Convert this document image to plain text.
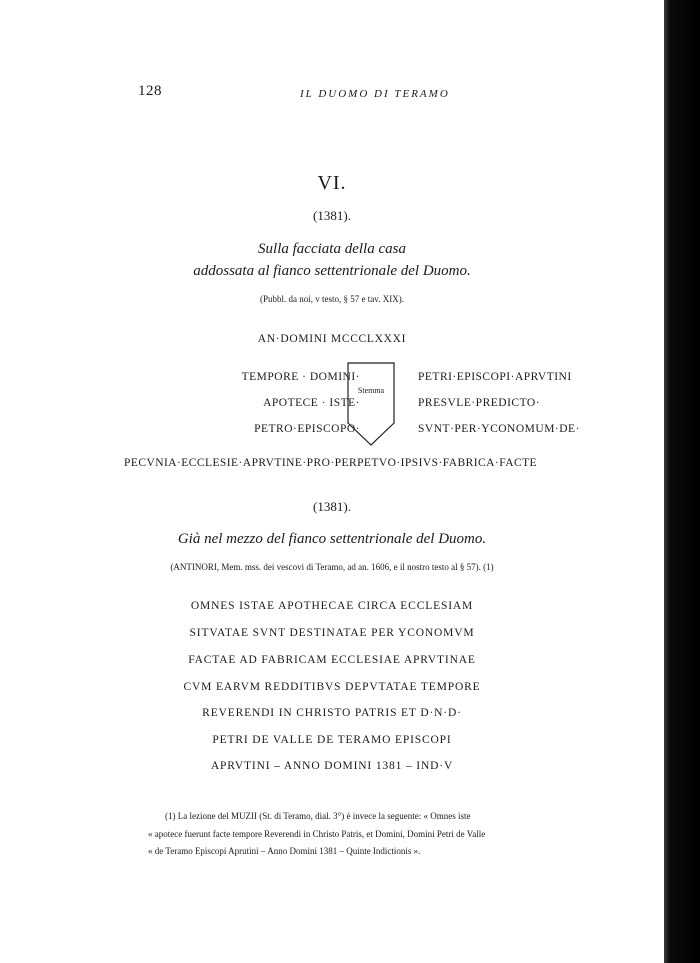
128	IL DUOMO DI TERAMO
VI.
(1381).
Sulla facciata della casa
addossata al fianco settentrionale del Duomo.
(Pubbl. da noi, v testo, § 57 e tav. XIX).
AN·DOMINI MCCCLXXXI
TEMPORE · DOMINI·
APOTECE · ISTE·
PETRO·EPISCOPO·
Stemma
PETRI·EPISCOPI·APRVTINI
PRESVLE·PREDICTO·
SVNT·PER·YCONOMUM·DE·
PECVNIA·ECCLESIE·APRVTINE·PRO·PERPETVO·IPSIVS·FABRICA·FACTE
(1381).
Già nel mezzo del fianco settentrionale del Duomo.
(ANTINORI, Mem. mss. dei vescovi di Teramo, ad an. 1606, e il nostro testo al § 57). (1)
OMNES ISTAE APOTHECAE CIRCA ECCLESIAM
SITVATAE SVNT DESTINATAE PER YCONOMVM
FACTAE AD FABRICAM ECCLESIAE APRVTINAE
CVM EARVM REDDITIBVS DEPVTATAE TEMPORE
REVERENDI IN CHRISTO PATRIS ET D·N·D·
PETRI DE VALLE DE TERAMO EPISCOPI
APRVTINI – ANNO DOMINI 1381 – IND·V
(1) La lezione del MUZII (St. di Teramo, dial. 3°) è invece la seguente: « Omnes iste
« apotece fuerunt facte tempore Reverendi in Christo Patris, et Domini, Domini Petri de Valle
« de Teramo Episcopi Aprutini – Anno Domini 1381 – Quinte Indictionis ».
